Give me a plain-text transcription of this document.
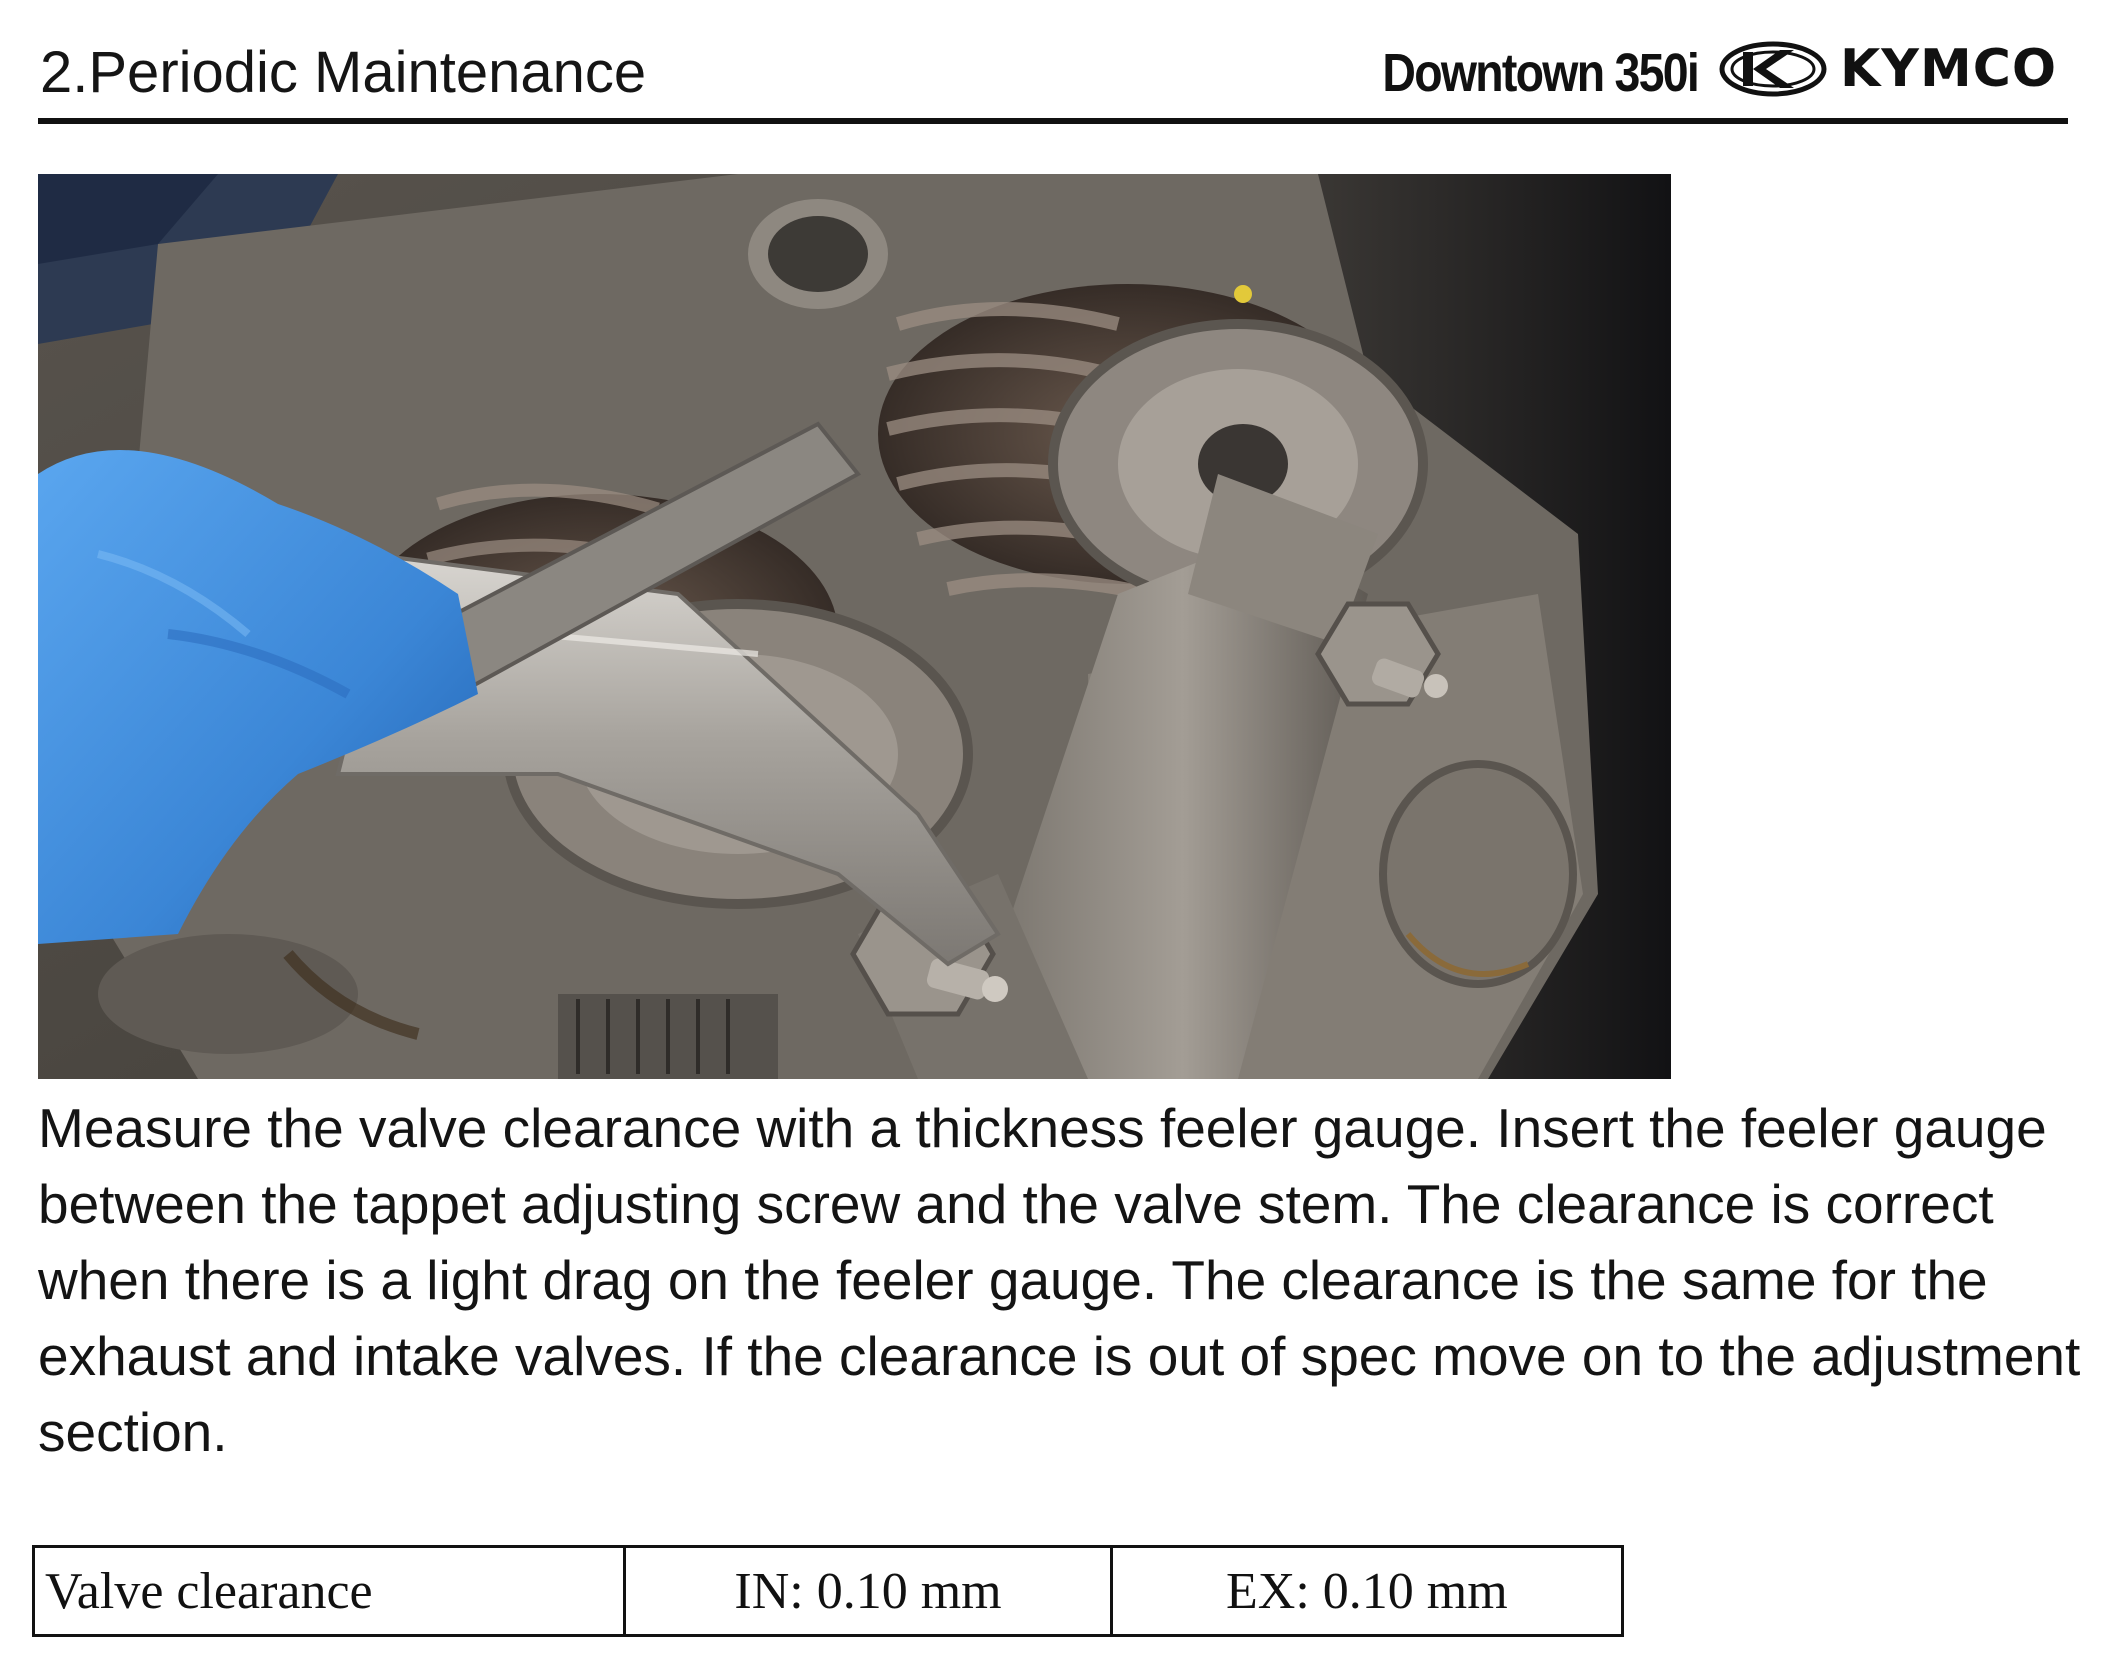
2.Periodic Maintenance	Downtown 350i	KYMCO

Measure the valve clearance with a thickness feeler gauge. Insert the feeler gauge between the tappet adjusting screw and the valve stem. The clearance is correct when there is a light drag on the feeler gauge. The clearance is the same for the exhaust and intake valves. If the clearance is out of spec move on to the adjustment section.

Valve clearance	IN: 0.10 mm	EX: 0.10 mm
